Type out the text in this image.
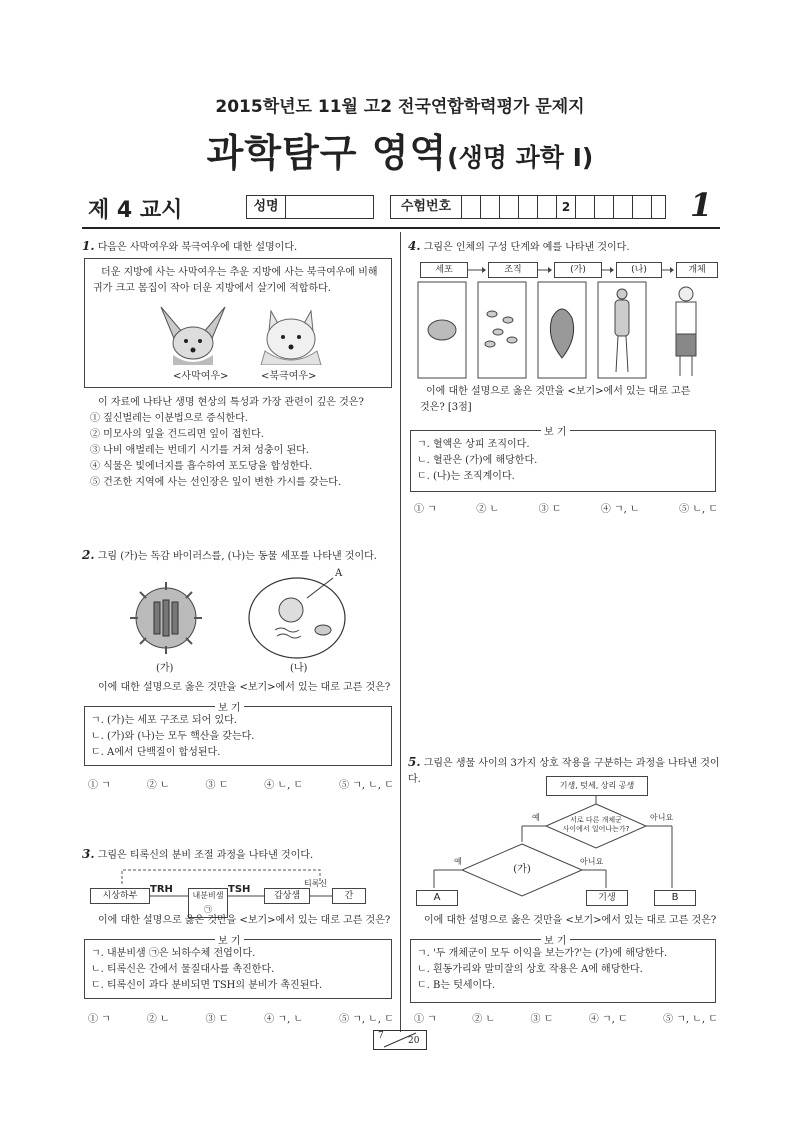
2015학년도 11월 고2 전국연합학력평가 문제지
과학탐구 영역(생명 과학 Ⅰ)
제 4 교시	성명	수험번호	2	1
1. 다음은 사막여우와 북극여우에 대한 설명이다.
더운 지방에 사는 사막여우는 추운 지방에 사는 북극여우에 비해
귀가 크고 몸집이 작아 더운 지방에서 살기에 적합하다.
<사막여우>	<북극여우>
이 자료에 나타난 생명 현상의 특성과 가장 관련이 깊은 것은?
① 짚신벌레는 이분법으로 증식한다.
② 미모사의 잎을 건드리면 잎이 접힌다.
③ 나비 애벌레는 번데기 시기를 거쳐 성충이 된다.
④ 식물은 빛에너지를 흡수하여 포도당을 합성한다.
⑤ 건조한 지역에 사는 선인장은 잎이 변한 가시를 갖는다.
2. 그림 (가)는 독감 바이러스를, (나)는 동물 세포를 나타낸 것이다.
A
(가)	(나)
이에 대한 설명으로 옳은 것만을 <보기>에서 있는 대로 고른 것은?
보 기
ㄱ. (가)는 세포 구조로 되어 있다.
ㄴ. (가)와 (나)는 모두 핵산을 갖는다.
ㄷ. A에서 단백질이 합성된다.
① ㄱ	② ㄴ	③ ㄷ	④ ㄴ, ㄷ	⑤ ㄱ, ㄴ, ㄷ
3. 그림은 티록신의 분비 조절 과정을 나타낸 것이다.
시상하부
TRH
내분비샘 ㉠
TSH
갑상샘
티록신
간
이에 대한 설명으로 옳은 것만을 <보기>에서 있는 대로 고른 것은?
보 기
ㄱ. 내분비샘 ㉠은 뇌하수체 전엽이다.
ㄴ. 티록신은 간에서 물질대사를 촉진한다.
ㄷ. 티록신이 과다 분비되면 TSH의 분비가 촉진된다.
① ㄱ	② ㄴ	③ ㄷ	④ ㄱ, ㄴ	⑤ ㄱ, ㄴ, ㄷ
4. 그림은 인체의 구성 단계와 예를 나타낸 것이다.
세포	조직	(가)	(나)	개체
이에 대한 설명으로 옳은 것만을 <보기>에서 있는 대로 고른
것은? [3점]
보 기
ㄱ. 혈액은 상피 조직이다.
ㄴ. 혈관은 (가)에 해당한다.
ㄷ. (나)는 조직계이다.
① ㄱ	② ㄴ	③ ㄷ	④ ㄱ, ㄴ	⑤ ㄴ, ㄷ
5. 그림은 생물 사이의 3가지 상호 작용을 구분하는 과정을 나타낸 것이다.
기생, 텃세, 상리 공생
서로 다른 개체군
사이에서 일어나는가?
예	아니요
(가)
예	아니요
A	기생	B
이에 대한 설명으로 옳은 것만을 <보기>에서 있는 대로 고른 것은?
보 기
ㄱ. '두 개체군이 모두 이익을 보는가?'는 (가)에 해당한다.
ㄴ. 흰동가리와 말미잘의 상호 작용은 A에 해당한다.
ㄷ. B는 텃세이다.
① ㄱ	② ㄴ	③ ㄷ	④ ㄱ, ㄷ	⑤ ㄱ, ㄴ, ㄷ
7	20
